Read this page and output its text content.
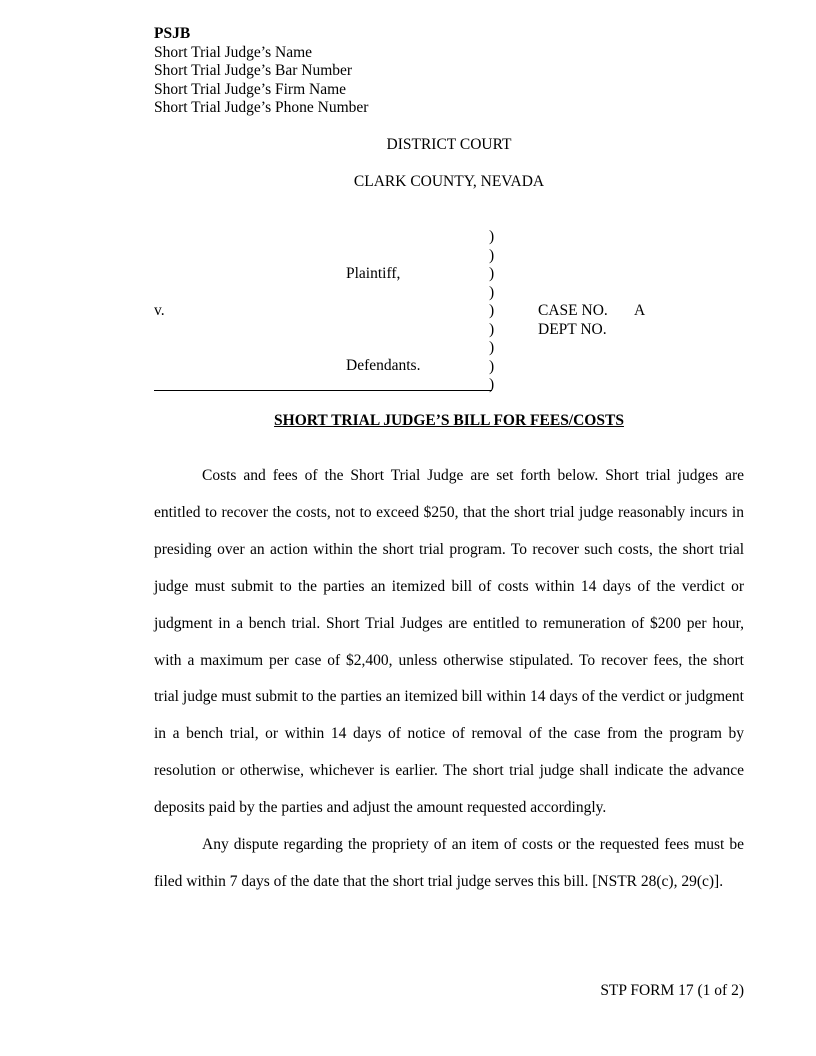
PSJB
Short Trial Judge’s Name
Short Trial Judge’s Bar Number
Short Trial Judge’s Firm Name
Short Trial Judge’s Phone Number
DISTRICT COURT
CLARK COUNTY, NEVADA
Plaintiff,
v.
Defendants.
)
)
)
)
)
)
)
)
)
CASE NO. A
DEPT NO.
SHORT TRIAL JUDGE’S BILL FOR FEES/COSTS

Costs and fees of the Short Trial Judge are set forth below. Short trial judges are entitled to recover the costs, not to exceed $250, that the short trial judge reasonably incurs in presiding over an action within the short trial program. To recover such costs, the short trial judge must submit to the parties an itemized bill of costs within 14 days of the verdict or judgment in a bench trial. Short Trial Judges are entitled to remuneration of $200 per hour, with a maximum per case of $2,400, unless otherwise stipulated. To recover fees, the short trial judge must submit to the parties an itemized bill within 14 days of the verdict or judgment in a bench trial, or within 14 days of notice of removal of the case from the program by resolution or otherwise, whichever is earlier. The short trial judge shall indicate the advance deposits paid by the parties and adjust the amount requested accordingly.

Any dispute regarding the propriety of an item of costs or the requested fees must be filed within 7 days of the date that the short trial judge serves this bill. [NSTR 28(c), 29(c)].

STP FORM 17 (1 of 2)
